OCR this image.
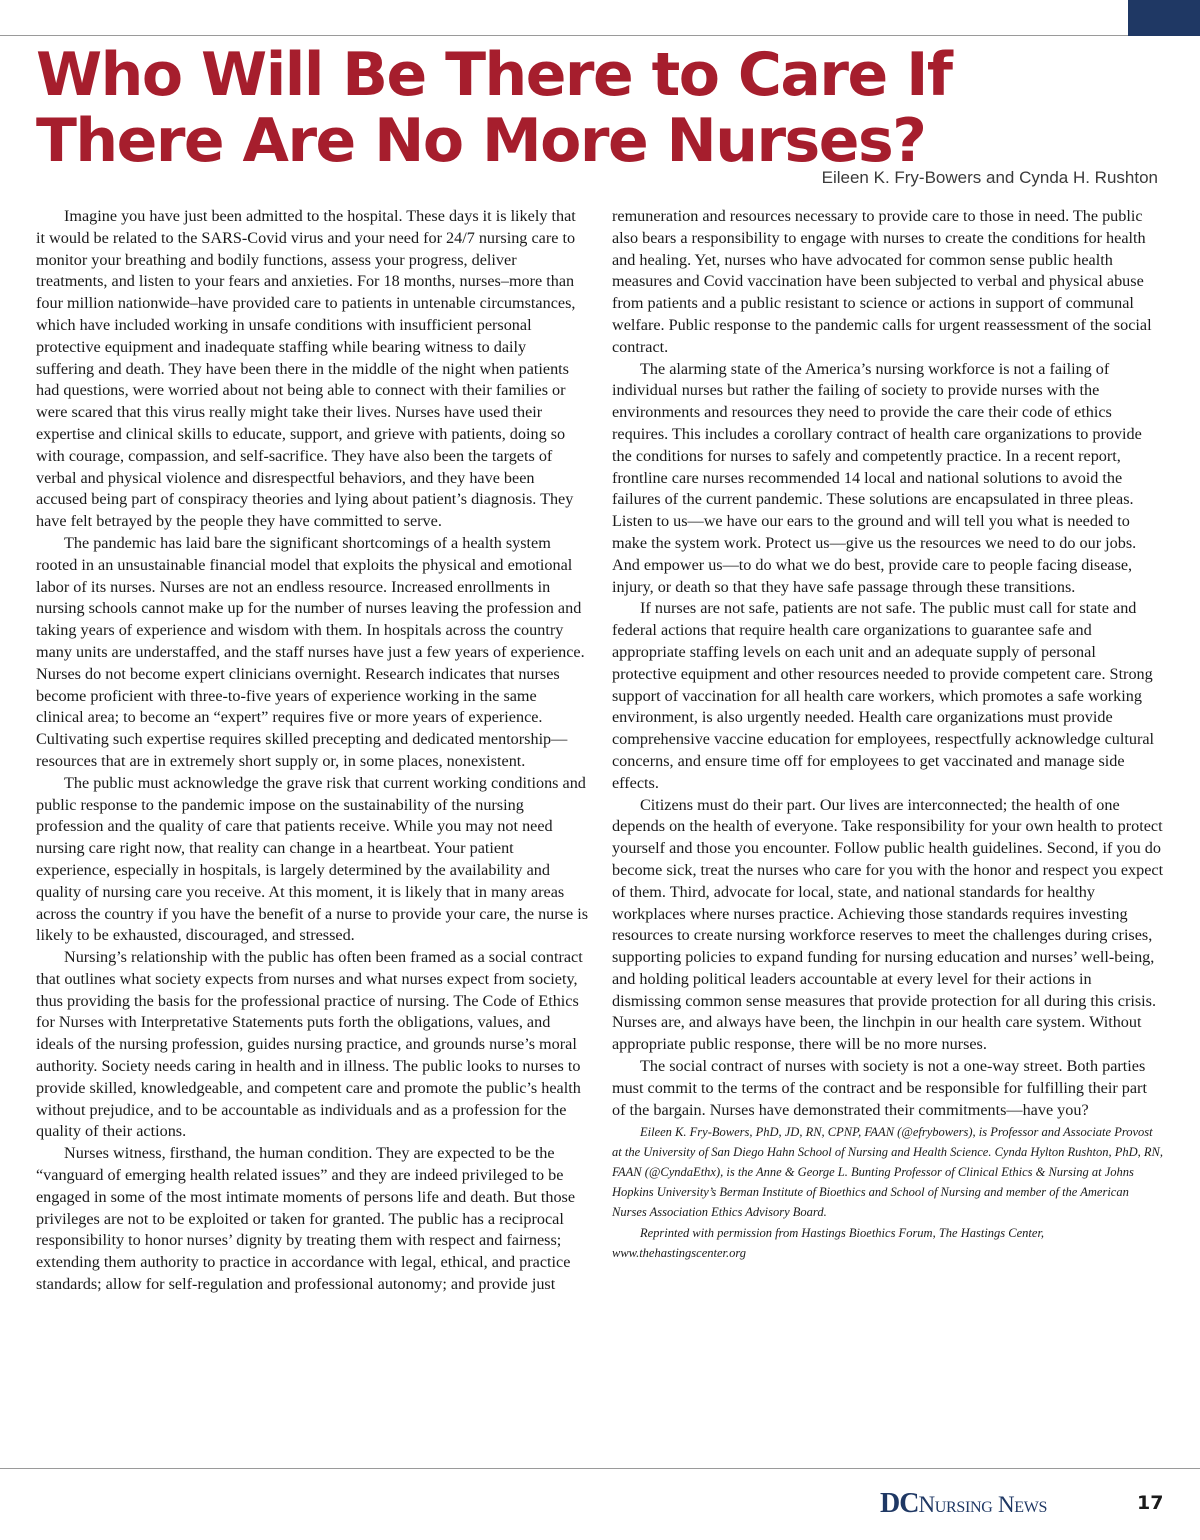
Who Will Be There to Care If There Are No More Nurses?
Eileen K. Fry-Bowers and Cynda H. Rushton

Imagine you have just been admitted to the hospital. These days it is likely that it would be related to the SARS-Covid virus and your need for 24/7 nursing care to monitor your breathing and bodily functions, assess your progress, deliver treatments, and listen to your fears and anxieties. For 18 months, nurses–more than four million nationwide–have provided care to patients in untenable circumstances, which have included working in unsafe conditions with insufficient personal protective equipment and inadequate staffing while bearing witness to daily suffering and death. They have been there in the middle of the night when patients had questions, were worried about not being able to connect with their families or were scared that this virus really might take their lives. Nurses have used their expertise and clinical skills to educate, support, and grieve with patients, doing so with courage, compassion, and self-sacrifice. They have also been the targets of verbal and physical violence and disrespectful behaviors, and they have been accused being part of conspiracy theories and lying about patient’s diagnosis. They have felt betrayed by the people they have committed to serve.

The pandemic has laid bare the significant shortcomings of a health system rooted in an unsustainable financial model that exploits the physical and emotional labor of its nurses. Nurses are not an endless resource. Increased enrollments in nursing schools cannot make up for the number of nurses leaving the profession and taking years of experience and wisdom with them. In hospitals across the country many units are understaffed, and the staff nurses have just a few years of experience. Nurses do not become expert clinicians overnight. Research indicates that nurses become proficient with three-to-five years of experience working in the same clinical area; to become an “expert” requires five or more years of experience. Cultivating such expertise requires skilled precepting and dedicated mentorship—resources that are in extremely short supply or, in some places, nonexistent.

The public must acknowledge the grave risk that current working conditions and public response to the pandemic impose on the sustainability of the nursing profession and the quality of care that patients receive. While you may not need nursing care right now, that reality can change in a heartbeat. Your patient experience, especially in hospitals, is largely determined by the availability and quality of nursing care you receive. At this moment, it is likely that in many areas across the country if you have the benefit of a nurse to provide your care, the nurse is likely to be exhausted, discouraged, and stressed.

Nursing’s relationship with the public has often been framed as a social contract that outlines what society expects from nurses and what nurses expect from society, thus providing the basis for the professional practice of nursing. The Code of Ethics for Nurses with Interpretative Statements puts forth the obligations, values, and ideals of the nursing profession, guides nursing practice, and grounds nurse’s moral authority. Society needs caring in health and in illness. The public looks to nurses to provide skilled, knowledgeable, and competent care and promote the public’s health without prejudice, and to be accountable as individuals and as a profession for the quality of their actions.

Nurses witness, firsthand, the human condition. They are expected to be the “vanguard of emerging health related issues” and they are indeed privileged to be engaged in some of the most intimate moments of persons life and death. But those privileges are not to be exploited or taken for granted. The public has a reciprocal responsibility to honor nurses’ dignity by treating them with respect and fairness; extending them authority to practice in accordance with legal, ethical, and practice standards; allow for self-regulation and professional autonomy; and provide just

remuneration and resources necessary to provide care to those in need. The public also bears a responsibility to engage with nurses to create the conditions for health and healing. Yet, nurses who have advocated for common sense public health measures and Covid vaccination have been subjected to verbal and physical abuse from patients and a public resistant to science or actions in support of communal welfare. Public response to the pandemic calls for urgent reassessment of the social contract.

The alarming state of the America’s nursing workforce is not a failing of individual nurses but rather the failing of society to provide nurses with the environments and resources they need to provide the care their code of ethics requires. This includes a corollary contract of health care organizations to provide the conditions for nurses to safely and competently practice. In a recent report, frontline care nurses recommended 14 local and national solutions to avoid the failures of the current pandemic. These solutions are encapsulated in three pleas. Listen to us—we have our ears to the ground and will tell you what is needed to make the system work. Protect us—give us the resources we need to do our jobs. And empower us—to do what we do best, provide care to people facing disease, injury, or death so that they have safe passage through these transitions.

If nurses are not safe, patients are not safe. The public must call for state and federal actions that require health care organizations to guarantee safe and appropriate staffing levels on each unit and an adequate supply of personal protective equipment and other resources needed to provide competent care. Strong support of vaccination for all health care workers, which promotes a safe working environment, is also urgently needed. Health care organizations must provide comprehensive vaccine education for employees, respectfully acknowledge cultural concerns, and ensure time off for employees to get vaccinated and manage side effects.

Citizens must do their part. Our lives are interconnected; the health of one depends on the health of everyone. Take responsibility for your own health to protect yourself and those you encounter. Follow public health guidelines. Second, if you do become sick, treat the nurses who care for you with the honor and respect you expect of them. Third, advocate for local, state, and national standards for healthy workplaces where nurses practice. Achieving those standards requires investing resources to create nursing workforce reserves to meet the challenges during crises, supporting policies to expand funding for nursing education and nurses’ well-being, and holding political leaders accountable at every level for their actions in dismissing common sense measures that provide protection for all during this crisis. Nurses are, and always have been, the linchpin in our health care system. Without appropriate public response, there will be no more nurses.

The social contract of nurses with society is not a one-way street. Both parties must commit to the terms of the contract and be responsible for fulfilling their part of the bargain. Nurses have demonstrated their commitments—have you?

Eileen K. Fry-Bowers, PhD, JD, RN, CPNP, FAAN (@efrybowers), is Professor and Associate Provost at the University of San Diego Hahn School of Nursing and Health Science. Cynda Hylton Rushton, PhD, RN, FAAN (@CyndaEthx), is the Anne & George L. Bunting Professor of Clinical Ethics & Nursing at Johns Hopkins University’s Berman Institute of Bioethics and School of Nursing and member of the American Nurses Association Ethics Advisory Board.

Reprinted with permission from Hastings Bioethics Forum, The Hastings Center, www.thehastingscenter.org

DCNursing News	17
